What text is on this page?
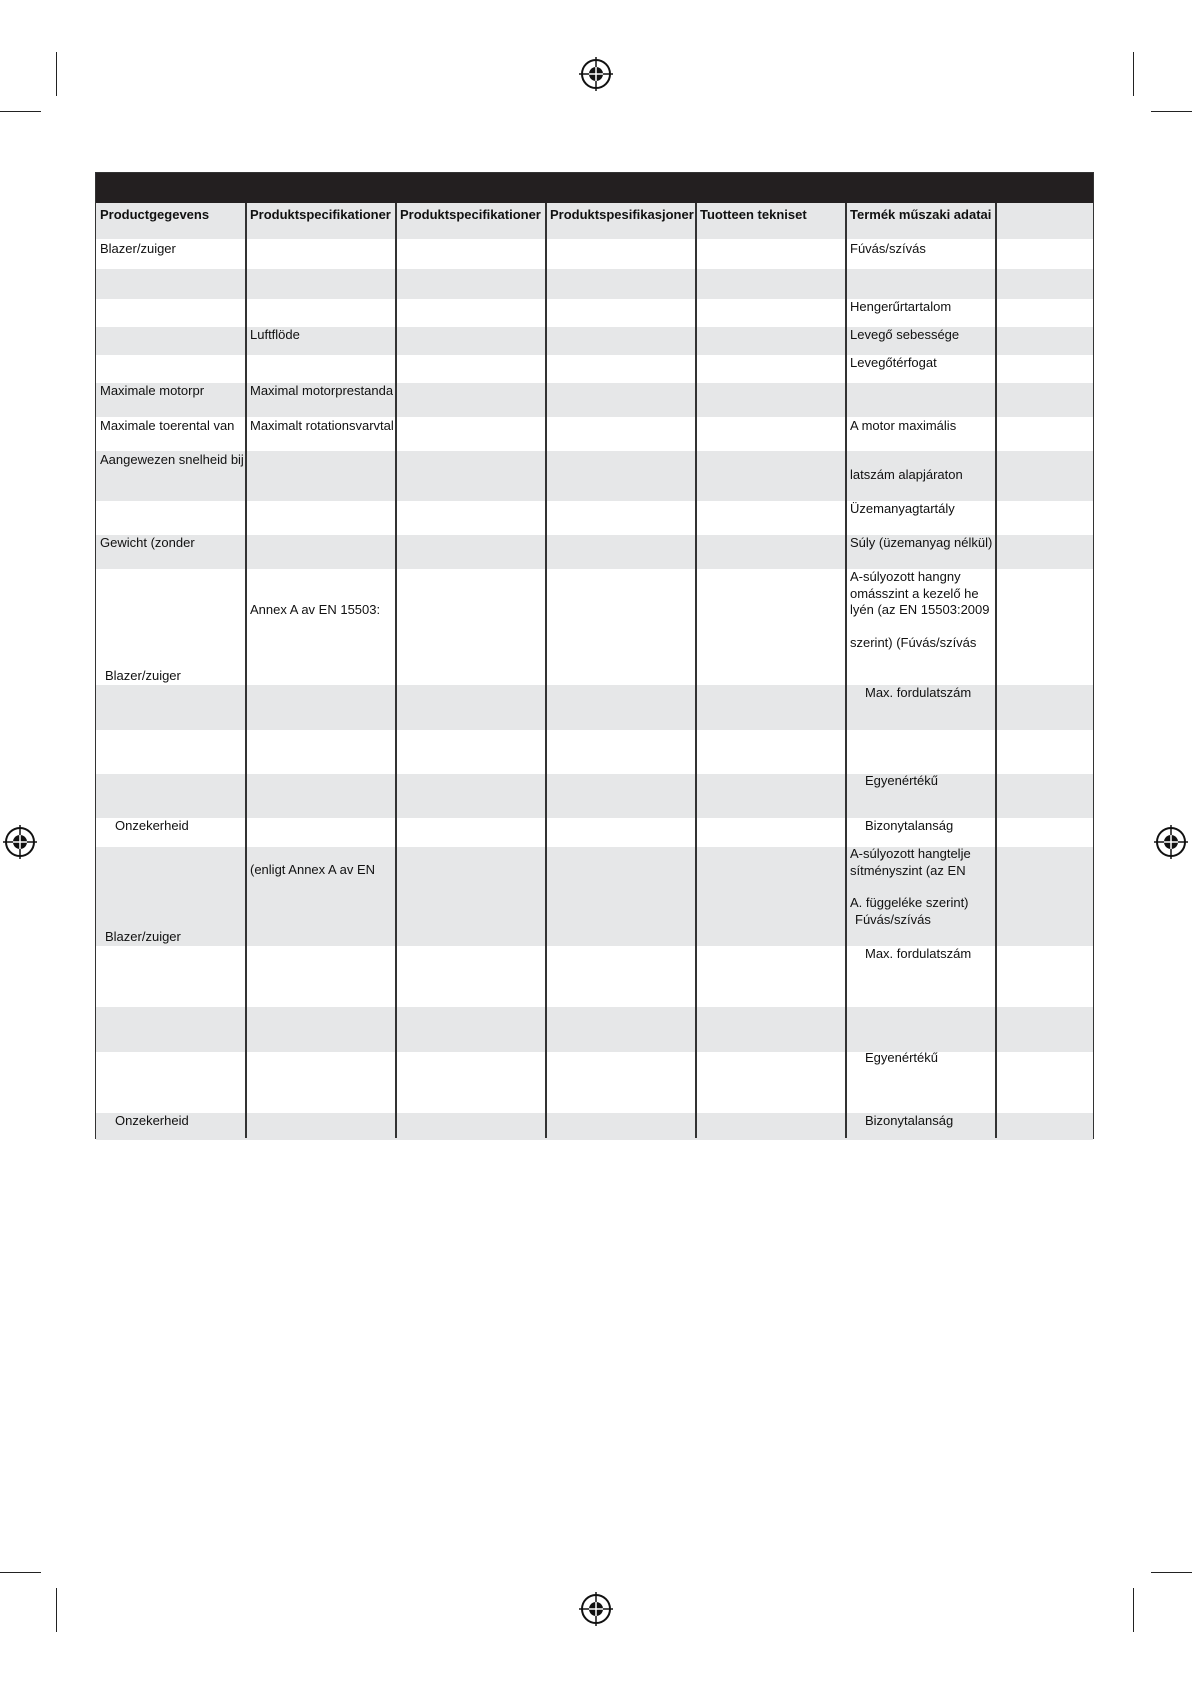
Productgegevens	Produktspecifikationer Produktspecifikationer Produktspesifikasjoner Tuotteen tekniset	Termék műszaki adatai
Blazer/zuiger
Maximale motorpr
Maximale toerental van
Aangewezen snelheid bij
Gewicht (zonder
Blazer/zuiger
Onzekerheid
Blazer/zuiger
Onzekerheid
Luftflöde
Maximal motorprestanda
Maximalt rotationsvarvtal
Annex A av EN 15503:
(enligt Annex A av EN
Fúvás/szívás
Hengerűrtartalom
Levegő sebessége
Levegőtérfogat
A motor maximális
latszám alapjáraton
Üzemanyagtartály
Súly (üzemanyag nélkül)
A-súlyozott hangny
omásszint a kezelő he
lyén (az EN 15503:2009
szerint) (Fúvás/szívás
Max. fordulatszám
Egyenértékű
Bizonytalanság
A-súlyozott hangtelje
sítményszint (az EN
A. függeléke szerint)
Fúvás/szívás
Max. fordulatszám
Egyenértékű
Bizonytalanság
